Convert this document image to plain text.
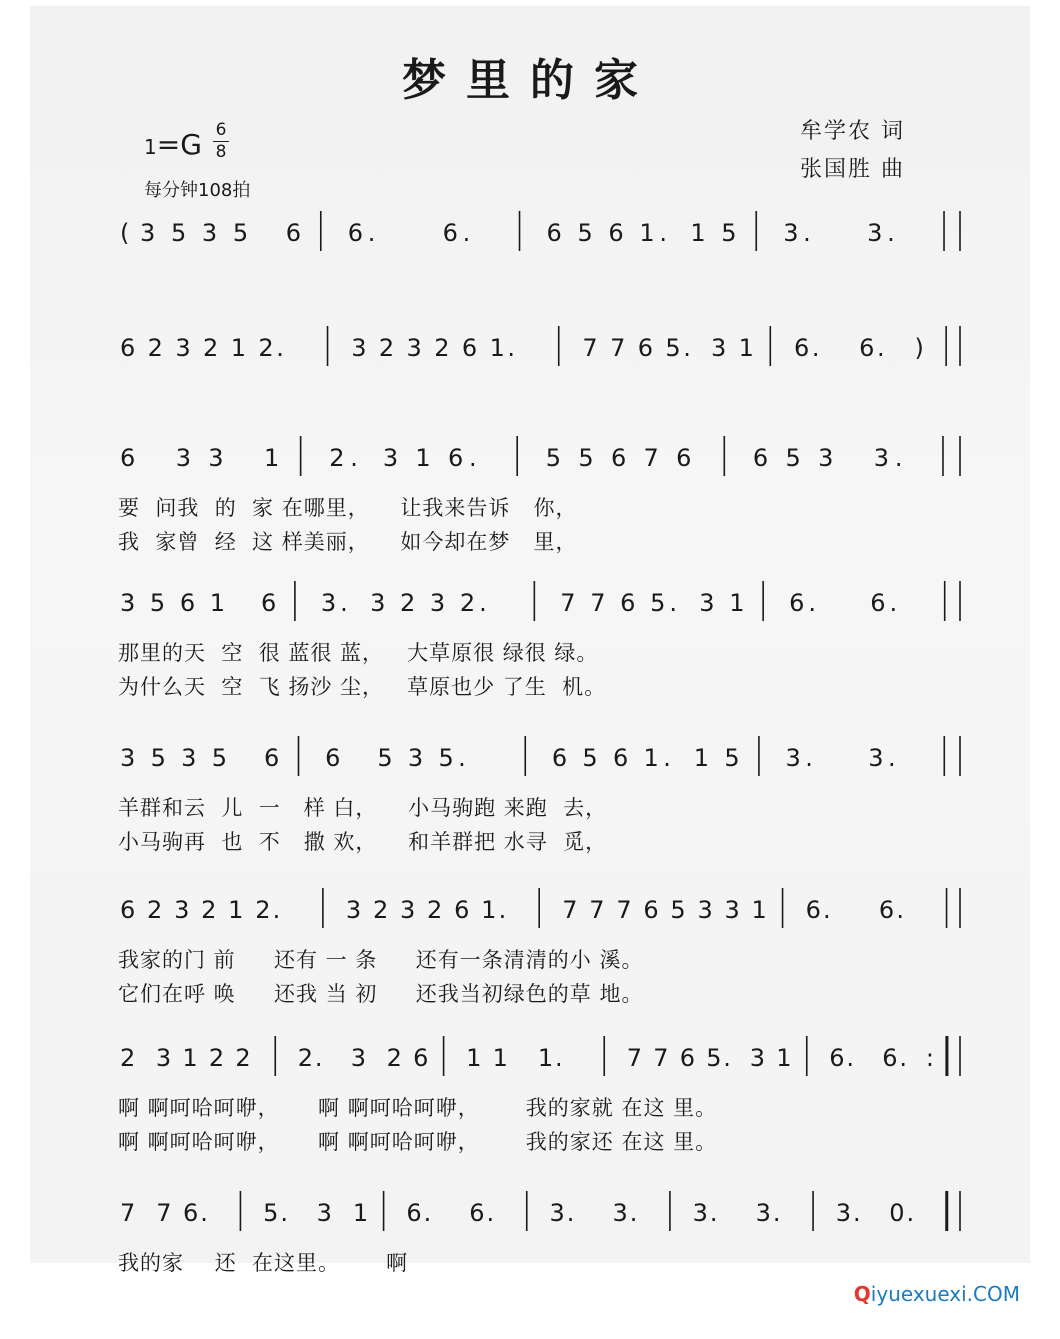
梦里的家
1=G 6
8
每分钟108拍
牟学农 词
张国胜 曲
( 3 5 3 5 6 6 .	6 .	6 5 6 1 . 1 5 3 . 3 .
6 2 3 2 1 2 .	3 2 3 2 6 1 .	7 7 6 5 . 3 1 6 . 6 . )
6 3 3 1 2 . 3 1 6 .	5 5 6 7 6	6 5 3 3 .
要  问我  的  家 在哪里，    让我来告诉   你，
我  家曾  经  这 样美丽，    如今却在梦   里，
3 5 6 1 6 3 . 3 2 3 2 .	7 7 6 5 . 3 1 6 . 6 .
那里的天  空  很 蓝很 蓝，   大草原很 绿很 绿。
为什么天  空  飞 扬沙 尘，   草原也少 了生  机。
3 5 3 5 6 6 5 3 5 .	6 5 6 1 . 1 5 3 . 3 .
羊群和云  儿  一   样 白，    小马驹跑 来跑  去，
小马驹再  也  不   撒 欢，    和羊群把 水寻  觅，
6 2 3 2 1 2 .	3 2 3 2 6 1 . 7 7 7 6 5 3 3 1 6 . 6 .
我家的门 前     还有 一 条     还有一条清清的小 溪。
它们在呼 唤     还我 当 初     还我当初绿色的草 地。
2 3 1 2 2 2 . 3 2 6 1 1 1 .	7 7 6 5 . 3 1 6 . 6 . :
啊 啊呵哈呵咿，     啊 啊呵哈呵咿，      我的家就 在这 里。
啊 啊呵哈呵咿，     啊 啊呵哈呵咿，      我的家还 在这 里。
7 7 6 . 5 . 3 1 6 . 6 . 3 . 3 . 3 . 3 . 3 . 0 .
我的家    还  在这里。      啊
Qiyuexuexi.COM
